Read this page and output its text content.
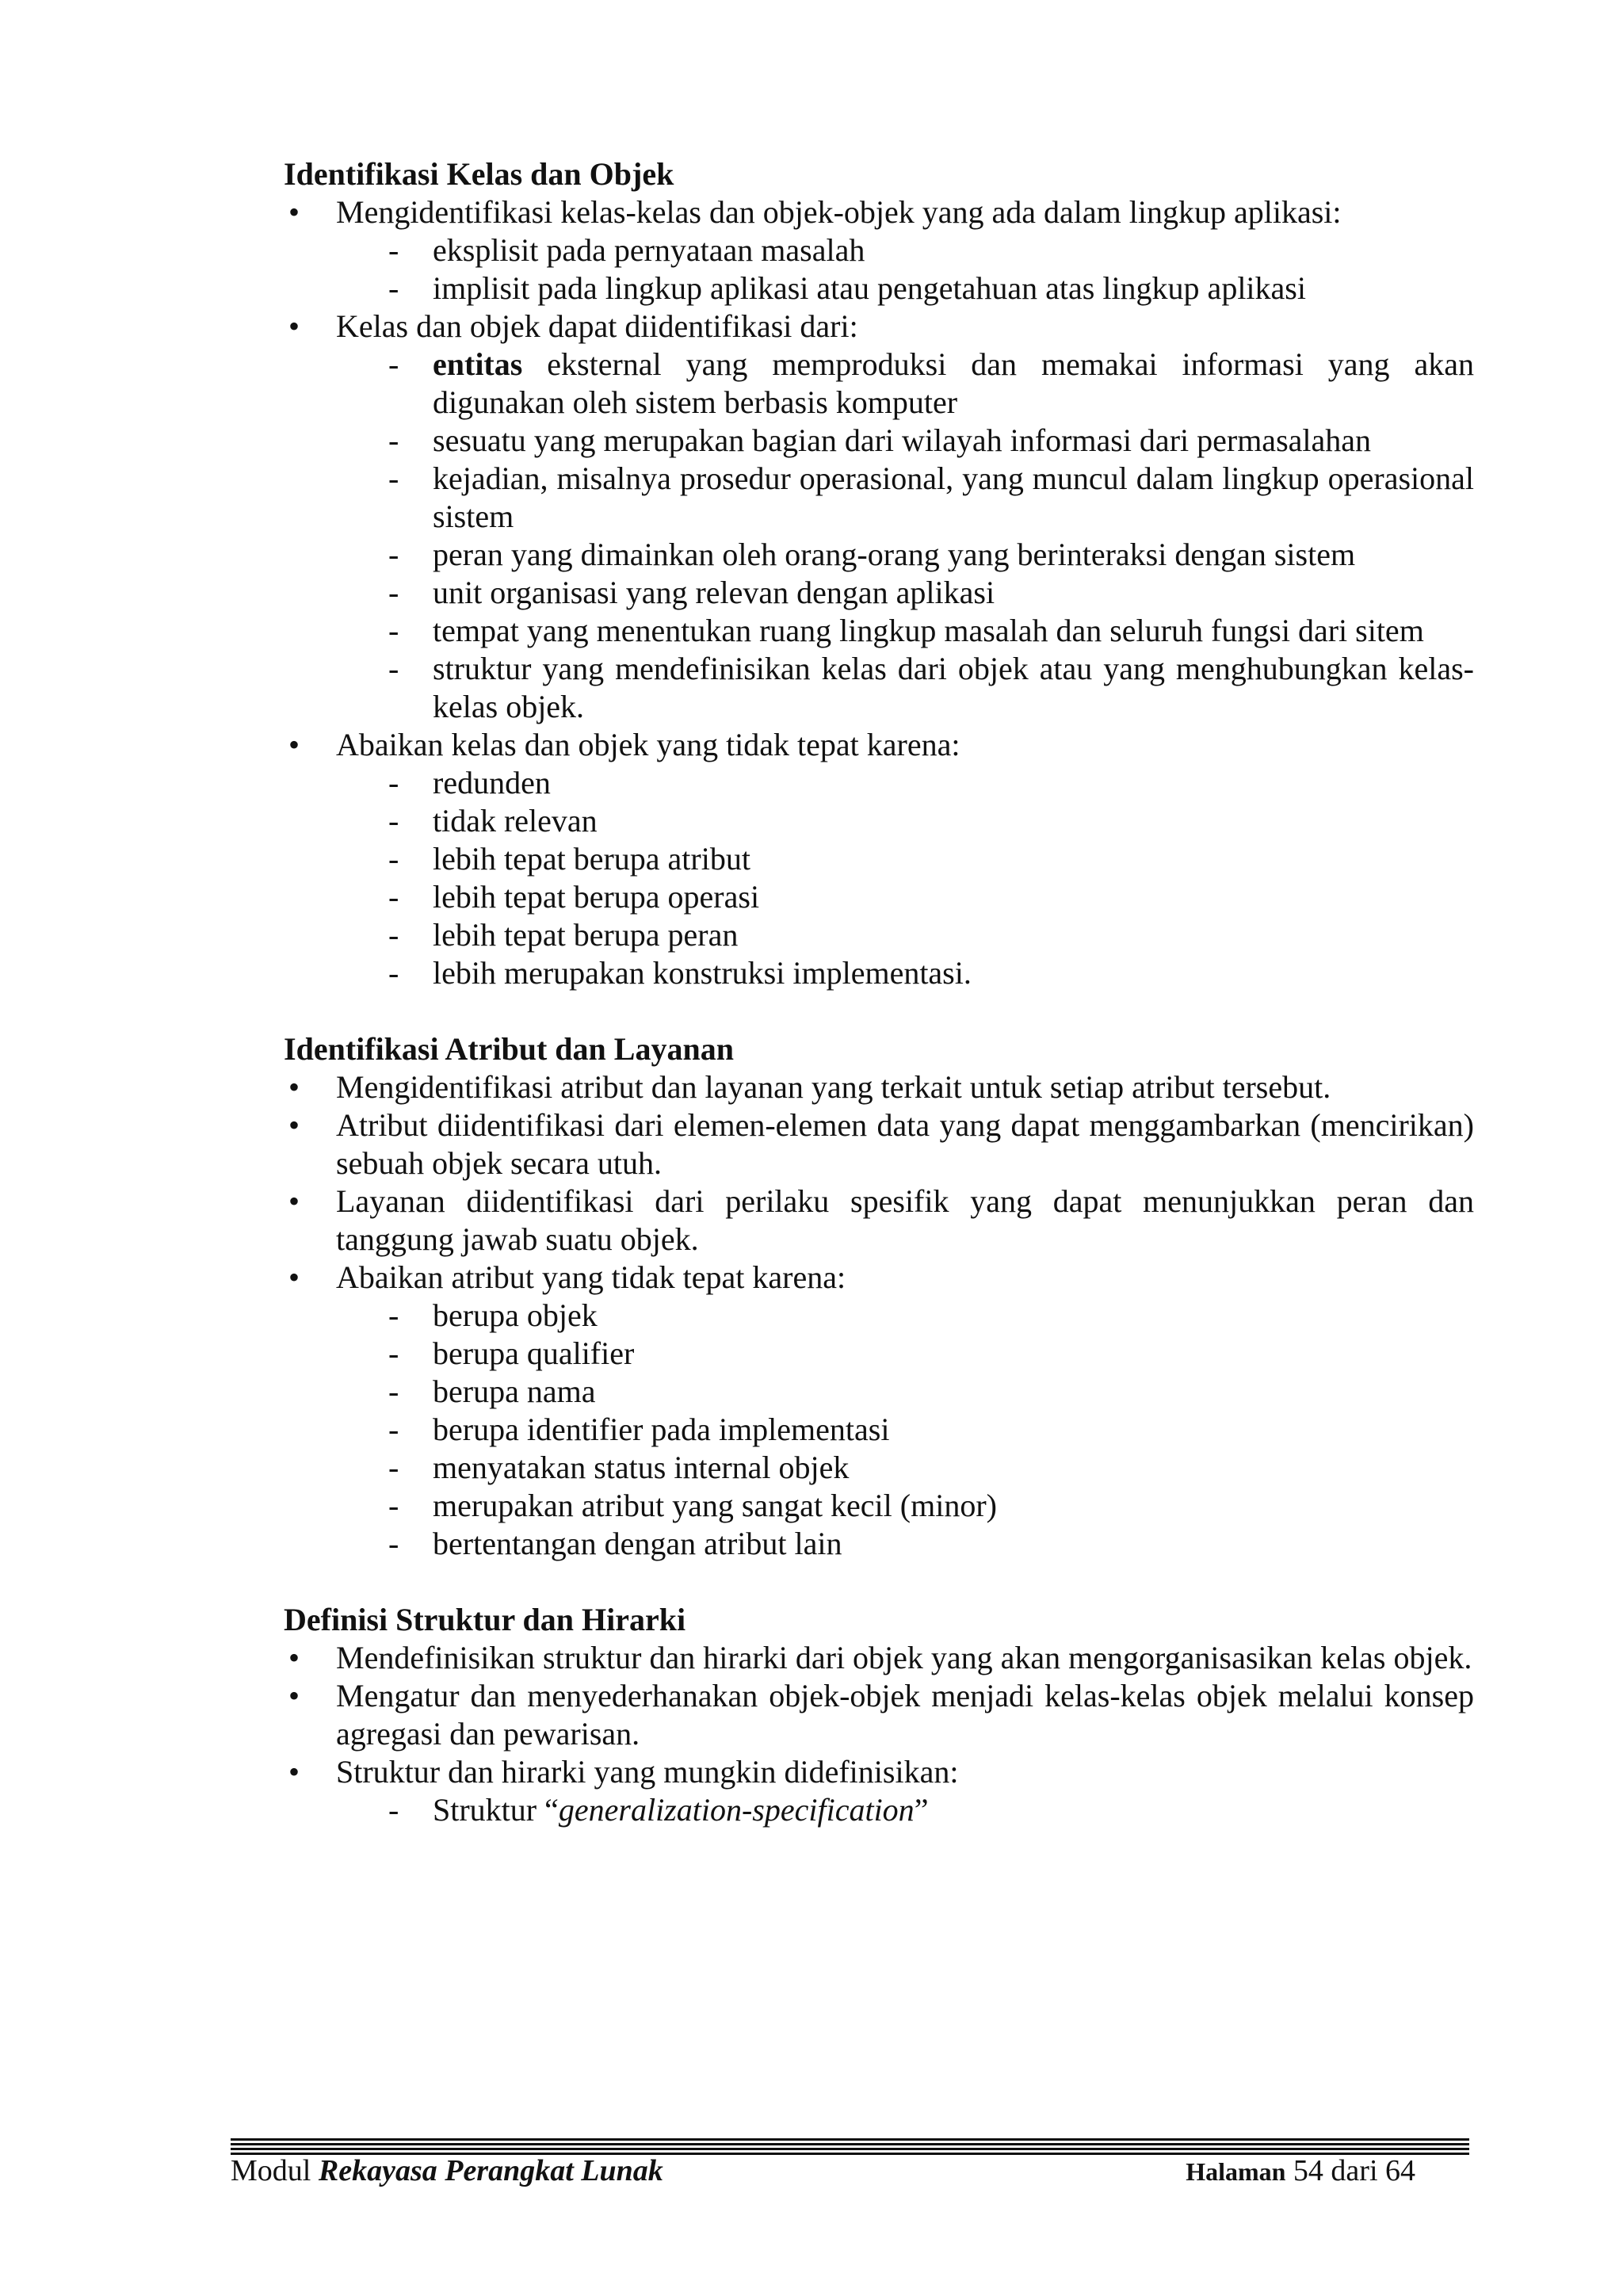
Identifikasi Kelas dan Objek

• Mengidentifikasi kelas-kelas dan objek-objek yang ada dalam lingkup aplikasi:
- eksplisit pada pernyataan masalah
- implisit pada lingkup aplikasi atau pengetahuan atas lingkup aplikasi
• Kelas dan objek dapat diidentifikasi dari:
- entitas eksternal yang memproduksi dan memakai informasi yang akan digunakan oleh sistem berbasis komputer
- sesuatu yang merupakan bagian dari wilayah informasi dari permasalahan
- kejadian, misalnya prosedur operasional, yang muncul dalam lingkup operasional sistem
- peran yang dimainkan oleh orang-orang yang berinteraksi dengan sistem
- unit organisasi yang relevan dengan aplikasi
- tempat yang menentukan ruang lingkup masalah dan seluruh fungsi dari sitem
- struktur yang mendefinisikan kelas dari objek atau yang menghubungkan kelas-kelas objek.
• Abaikan kelas dan objek yang tidak tepat karena:
- redunden
- tidak relevan
- lebih tepat berupa atribut
- lebih tepat berupa operasi
- lebih tepat berupa peran
- lebih merupakan konstruksi implementasi.

Identifikasi Atribut dan Layanan

• Mengidentifikasi atribut dan layanan yang terkait untuk setiap atribut tersebut.
• Atribut diidentifikasi dari elemen-elemen data yang dapat menggambarkan (mencirikan) sebuah objek secara utuh.
• Layanan diidentifikasi dari perilaku spesifik yang dapat menunjukkan peran dan tanggung jawab suatu objek.
• Abaikan atribut yang tidak tepat karena:
- berupa objek
- berupa qualifier
- berupa nama
- berupa identifier pada implementasi
- menyatakan status internal objek
- merupakan atribut yang sangat kecil (minor)
- bertentangan dengan atribut lain

Definisi Struktur dan Hirarki

• Mendefinisikan struktur dan hirarki dari objek yang akan mengorganisasikan kelas objek.
• Mengatur dan menyederhanakan objek-objek menjadi kelas-kelas objek melalui konsep agregasi dan pewarisan.
• Struktur dan hirarki yang mungkin didefinisikan:
- Struktur “generalization-specification”
Modul Rekayasa Perangkat Lunak	Halaman 54 dari 64
